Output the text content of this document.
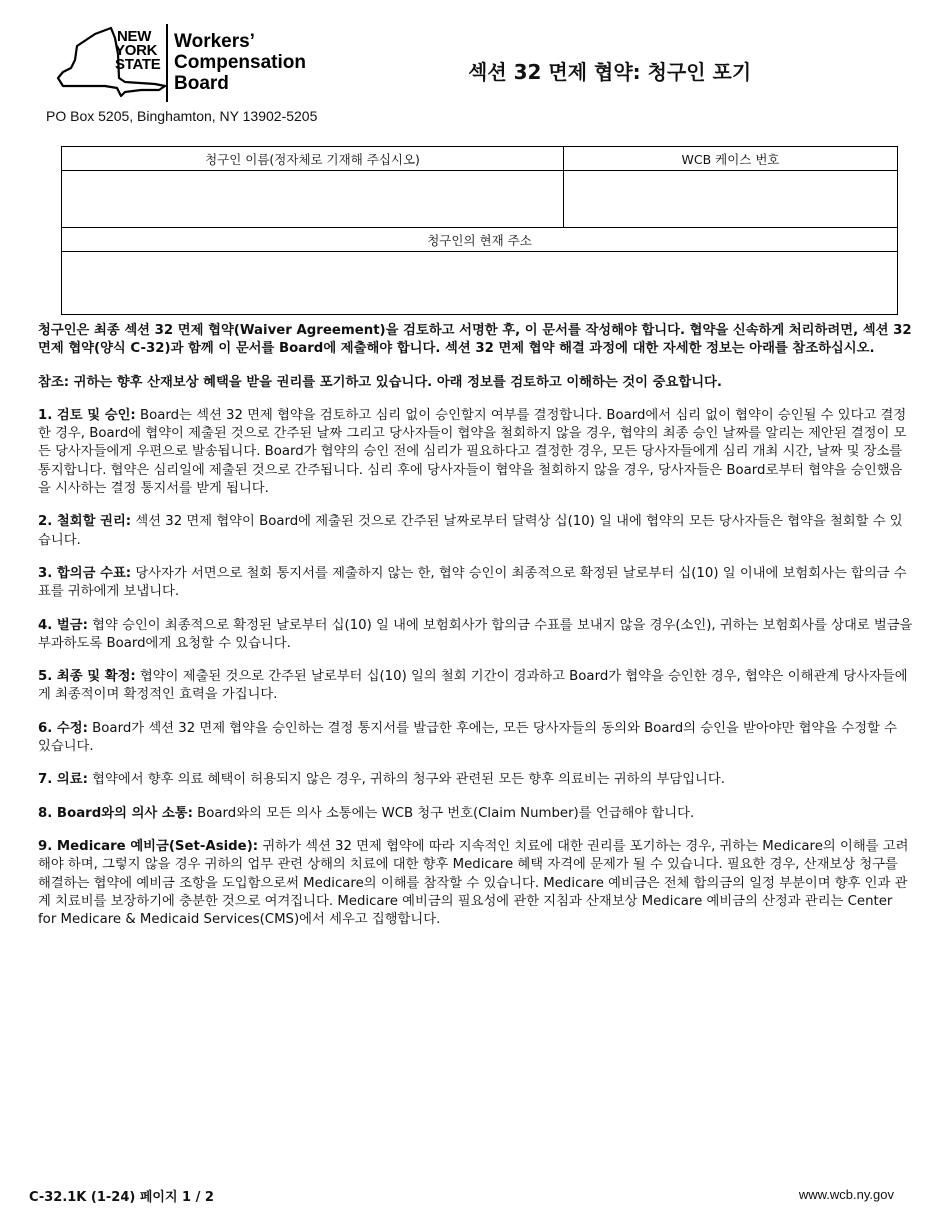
NEW
YORK
STATE
Workers’
Compensation
Board	섹션 32 면제 협약: 청구인 포기
PO Box 5205, Binghamton, NY 13902-5205
청구인 이름(정자체로 기재해 주십시오)	WCB 케이스 번호

청구인의 현재 주소	

청구인은 최종 섹션 32 면제 협약(Waiver Agreement)을 검토하고 서명한 후, 이 문서를 작성해야 합니다. 협약을 신속하게 처리하려면, 섹션 32 면제 협약(양식 C-32)과 함께 이 문서를 Board에 제출해야 합니다. 섹션 32 면제 협약 해결 과정에 대한 자세한 정보는 아래를 참조하십시오.

참조: 귀하는 향후 산재보상 혜택을 받을 권리를 포기하고 있습니다. 아래 정보를 검토하고 이해하는 것이 중요합니다.

1. 검토 및 승인: Board는 섹션 32 면제 협약을 검토하고 심리 없이 승인할지 여부를 결정합니다. Board에서 심리 없이 협약이 승인될 수 있다고 결정한 경우, Board에 협약이 제출된 것으로 간주된 날짜 그리고 당사자들이 협약을 철회하지 않을 경우, 협약의 최종 승인 날짜를 알리는 제안된 결정이 모든 당사자들에게 우편으로 발송됩니다. Board가 협약의 승인 전에 심리가 필요하다고 결정한 경우, 모든 당사자들에게 심리 개최 시간, 날짜 및 장소를 통지합니다. 협약은 심리일에 제출된 것으로 간주됩니다. 심리 후에 당사자들이 협약을 철회하지 않을 경우, 당사자들은 Board로부터 협약을 승인했음을 시사하는 결정 통지서를 받게 됩니다.

2. 철회할 권리: 섹션 32 면제 협약이 Board에 제출된 것으로 간주된 날짜로부터 달력상 십(10) 일 내에 협약의 모든 당사자들은 협약을 철회할 수 있습니다.

3. 합의금 수표: 당사자가 서면으로 철회 통지서를 제출하지 않는 한, 협약 승인이 최종적으로 확정된 날로부터 십(10) 일 이내에 보험회사는 합의금 수표를 귀하에게 보냅니다.

4. 벌금: 협약 승인이 최종적으로 확정된 날로부터 십(10) 일 내에 보험회사가 합의금 수표를 보내지 않을 경우(소인), 귀하는 보험회사를 상대로 벌금을 부과하도록 Board에게 요청할 수 있습니다.

5. 최종 및 확정: 협약이 제출된 것으로 간주된 날로부터 십(10) 일의 철회 기간이 경과하고 Board가 협약을 승인한 경우, 협약은 이해관계 당사자들에게 최종적이며 확정적인 효력을 가집니다.

6. 수정: Board가 섹션 32 면제 협약을 승인하는 결정 통지서를 발급한 후에는, 모든 당사자들의 동의와 Board의 승인을 받아야만 협약을 수정할 수 있습니다.

7. 의료: 협약에서 향후 의료 혜택이 허용되지 않은 경우, 귀하의 청구와 관련된 모든 향후 의료비는 귀하의 부담입니다.

8. Board와의 의사 소통: Board와의 모든 의사 소통에는 WCB 청구 번호(Claim Number)를 언급해야 합니다.

9. Medicare 예비금(Set-Aside): 귀하가 섹션 32 면제 협약에 따라 지속적인 치료에 대한 권리를 포기하는 경우, 귀하는 Medicare의 이해를 고려해야 하며, 그렇지 않을 경우 귀하의 업무 관련 상해의 치료에 대한 향후 Medicare 혜택 자격에 문제가 될 수 있습니다. 필요한 경우, 산재보상 청구를 해결하는 협약에 예비금 조항을 도입함으로써 Medicare의 이해를 참작할 수 있습니다. Medicare 예비금은 전체 합의금의 일정 부분이며 향후 인과 관계 치료비를 보장하기에 충분한 것으로 여겨집니다. Medicare 예비금의 필요성에 관한 지침과 산재보상 Medicare 예비금의 산정과 관리는 Center for Medicare & Medicaid Services(CMS)에서 세우고 집행합니다.

C-32.1K (1-24) 페이지 1 / 2	www.wcb.ny.gov
